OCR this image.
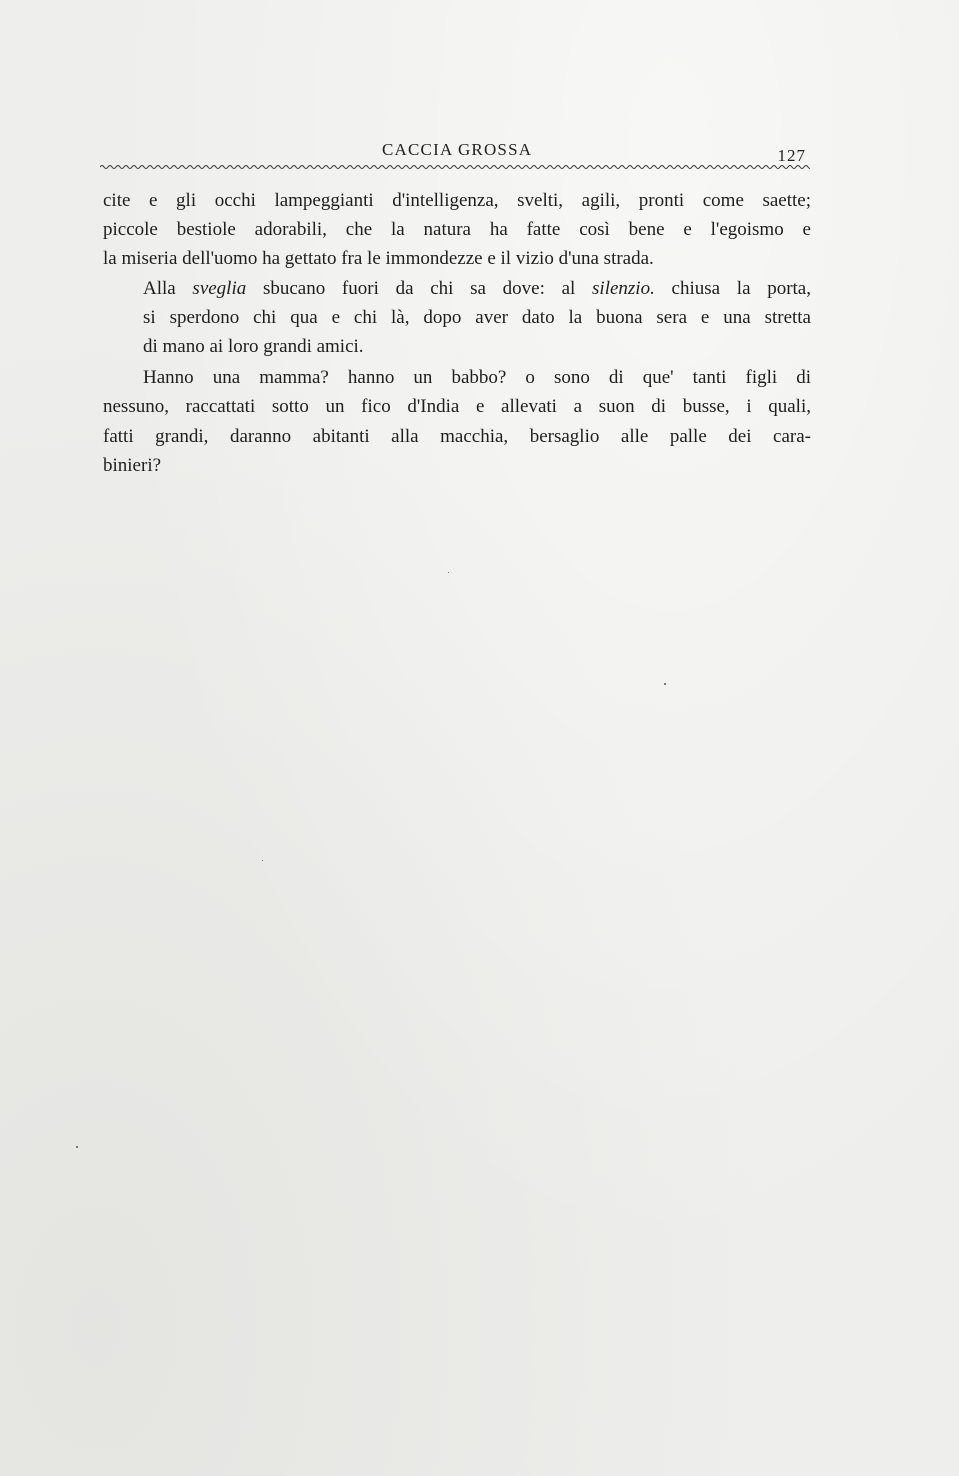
CACCIA GROSSA	127

cite e gli occhi lampeggianti d'intelligenza, svelti, agili, pronti come saette;
piccole bestiole adorabili, che la natura ha fatte così bene e l'egoismo e
la miseria dell'uomo ha gettato fra le immondezze e il vizio d'una strada.

Alla sveglia sbucano fuori da chi sa dove: al silenzio. chiusa la porta,
si sperdono chi qua e chi là, dopo aver dato la buona sera e una stretta
di mano ai loro grandi amici.

Hanno una mamma? hanno un babbo? o sono di que' tanti figli di
nessuno, raccattati sotto un fico d'India e allevati a suon di busse, i quali,
fatti grandi, daranno abitanti alla macchia, bersaglio alle palle dei cara-
binieri?
